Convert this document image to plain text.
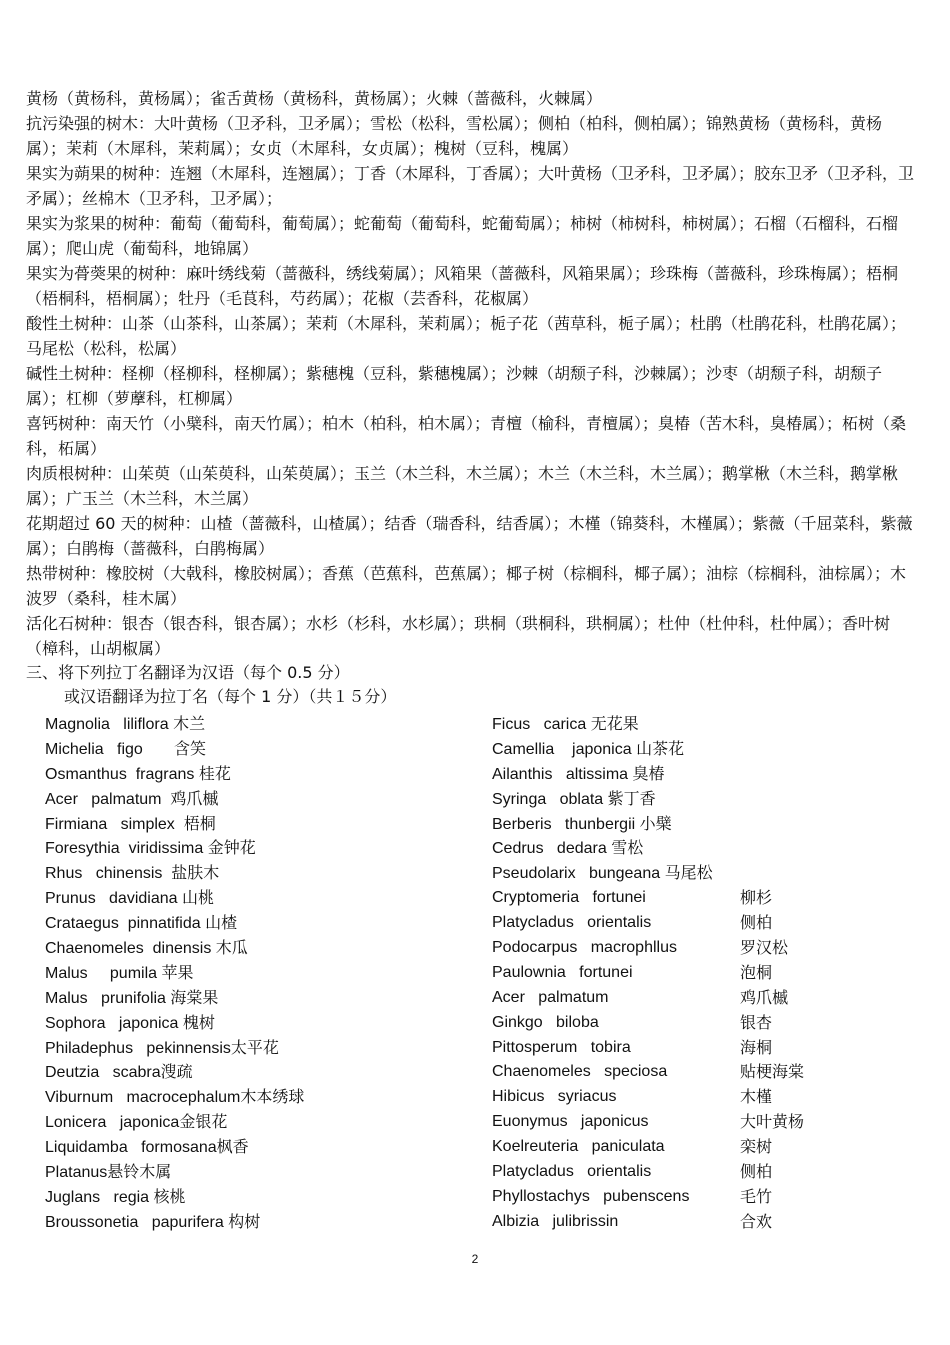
黄杨（黄杨科，黄杨属）；雀舌黄杨（黄杨科，黄杨属）；火棘（蔷薇科，火棘属）
抗污染强的树木：大叶黄杨（卫矛科，卫矛属）；雪松（松科，雪松属）；侧柏（柏科，侧柏属）；锦熟黄杨（黄杨科，黄杨属）；茉莉（木犀科，茉莉属）；女贞（木犀科，女贞属）；槐树（豆科，槐属）
果实为蒴果的树种：连翘（木犀科，连翘属）；丁香（木犀科，丁香属）；大叶黄杨（卫矛科，卫矛属）；胶东卫矛（卫矛科，卫矛属）；丝棉木（卫矛科，卫矛属）；
果实为浆果的树种：葡萄（葡萄科，葡萄属）；蛇葡萄（葡萄科，蛇葡萄属）；柿树（柿树科，柿树属）；石榴（石榴科，石榴属）；爬山虎（葡萄科，地锦属）
果实为蓇葖果的树种：麻叶绣线菊（蔷薇科，绣线菊属）；风箱果（蔷薇科，风箱果属）；珍珠梅（蔷薇科，珍珠梅属）；梧桐（梧桐科，梧桐属）；牡丹（毛茛科，芍药属）；花椒（芸香科，花椒属）
酸性土树种：山茶（山茶科，山茶属）；茉莉（木犀科，茉莉属）；栀子花（茜草科，栀子属）；杜鹃（杜鹃花科，杜鹃花属）；马尾松（松科，松属）
碱性土树种：柽柳（柽柳科，柽柳属）；紫穗槐（豆科，紫穗槐属）；沙棘（胡颓子科，沙棘属）；沙枣（胡颓子科，胡颓子属）；杠柳（萝藦科，杠柳属）
喜钙树种：南天竹（小檗科，南天竹属）；柏木（柏科，柏木属）；青檀（榆科，青檀属）；臭椿（苦木科，臭椿属）；柘树（桑科，柘属）
肉质根树种：山茱萸（山茱萸科，山茱萸属）；玉兰（木兰科，木兰属）；木兰（木兰科，木兰属）；鹅掌楸（木兰科，鹅掌楸属）；广玉兰（木兰科，木兰属）
花期超过 60 天的树种：山楂（蔷薇科，山楂属）；结香（瑞香科，结香属）；木槿（锦葵科，木槿属）；紫薇（千屈菜科，紫薇属）；白鹃梅（蔷薇科，白鹃梅属）
热带树种：橡胶树（大戟科，橡胶树属）；香蕉（芭蕉科，芭蕉属）；椰子树（棕榈科，椰子属）；油棕（棕榈科，油棕属）；木波罗（桑科，桂木属）
活化石树种：银杏（银杏科，银杏属）；水杉（杉科，水杉属）；珙桐（珙桐科，珙桐属）；杜仲（杜仲科，杜仲属）；香叶树（樟科，山胡椒属）
三、将下列拉丁名翻译为汉语（每个 0.5 分）
或汉语翻译为拉丁名（每个 1 分）（共１５分）
Magnolia   liliflora 木兰
Michelia   figo       含笑
Osmanthus  fragrans 桂花
Acer   palmatum  鸡爪槭
Firmiana   simplex  梧桐
Foresythia  viridissima 金钟花
Rhus   chinensis  盐肤木
Prunus   davidiana 山桃
Crataegus  pinnatifida 山楂
Chaenomeles  dinensis 木瓜
Malus     pumila 苹果
Malus   prunifolia 海棠果
Sophora   japonica 槐树
Philadephus   pekinnensis太平花
Deutzia   scabra溲疏
Viburnum   macrocephalum木本绣球
Lonicera   japonica金银花
Liquidamba   formosana枫香
Platanus悬铃木属
Juglans   regia 核桃
Broussonetia   papurifera 构树
Ficus   carica 无花果
Camellia    japonica 山茶花
Ailanthis   altissima 臭椿
Syringa   oblata 紫丁香
Berberis   thunbergii 小檗
Cedrus   dedara 雪松
Pseudolarix   bungeana 马尾松
Cryptomeria   fortunei	柳杉
Platycladus   orientalis	侧柏
Podocarpus   macrophllus	罗汉松
Paulownia   fortunei	泡桐
Acer   palmatum	鸡爪槭
Ginkgo   biloba	银杏
Pittosperum   tobira	海桐
Chaenomeles   speciosa	贴梗海棠
Hibicus   syriacus	木槿
Euonymus   japonicus	大叶黄杨
Koelreuteria   paniculata	栾树
Platycladus   orientalis	侧柏
Phyllostachys   pubenscens	毛竹
Albizia   julibrissin	合欢
2
